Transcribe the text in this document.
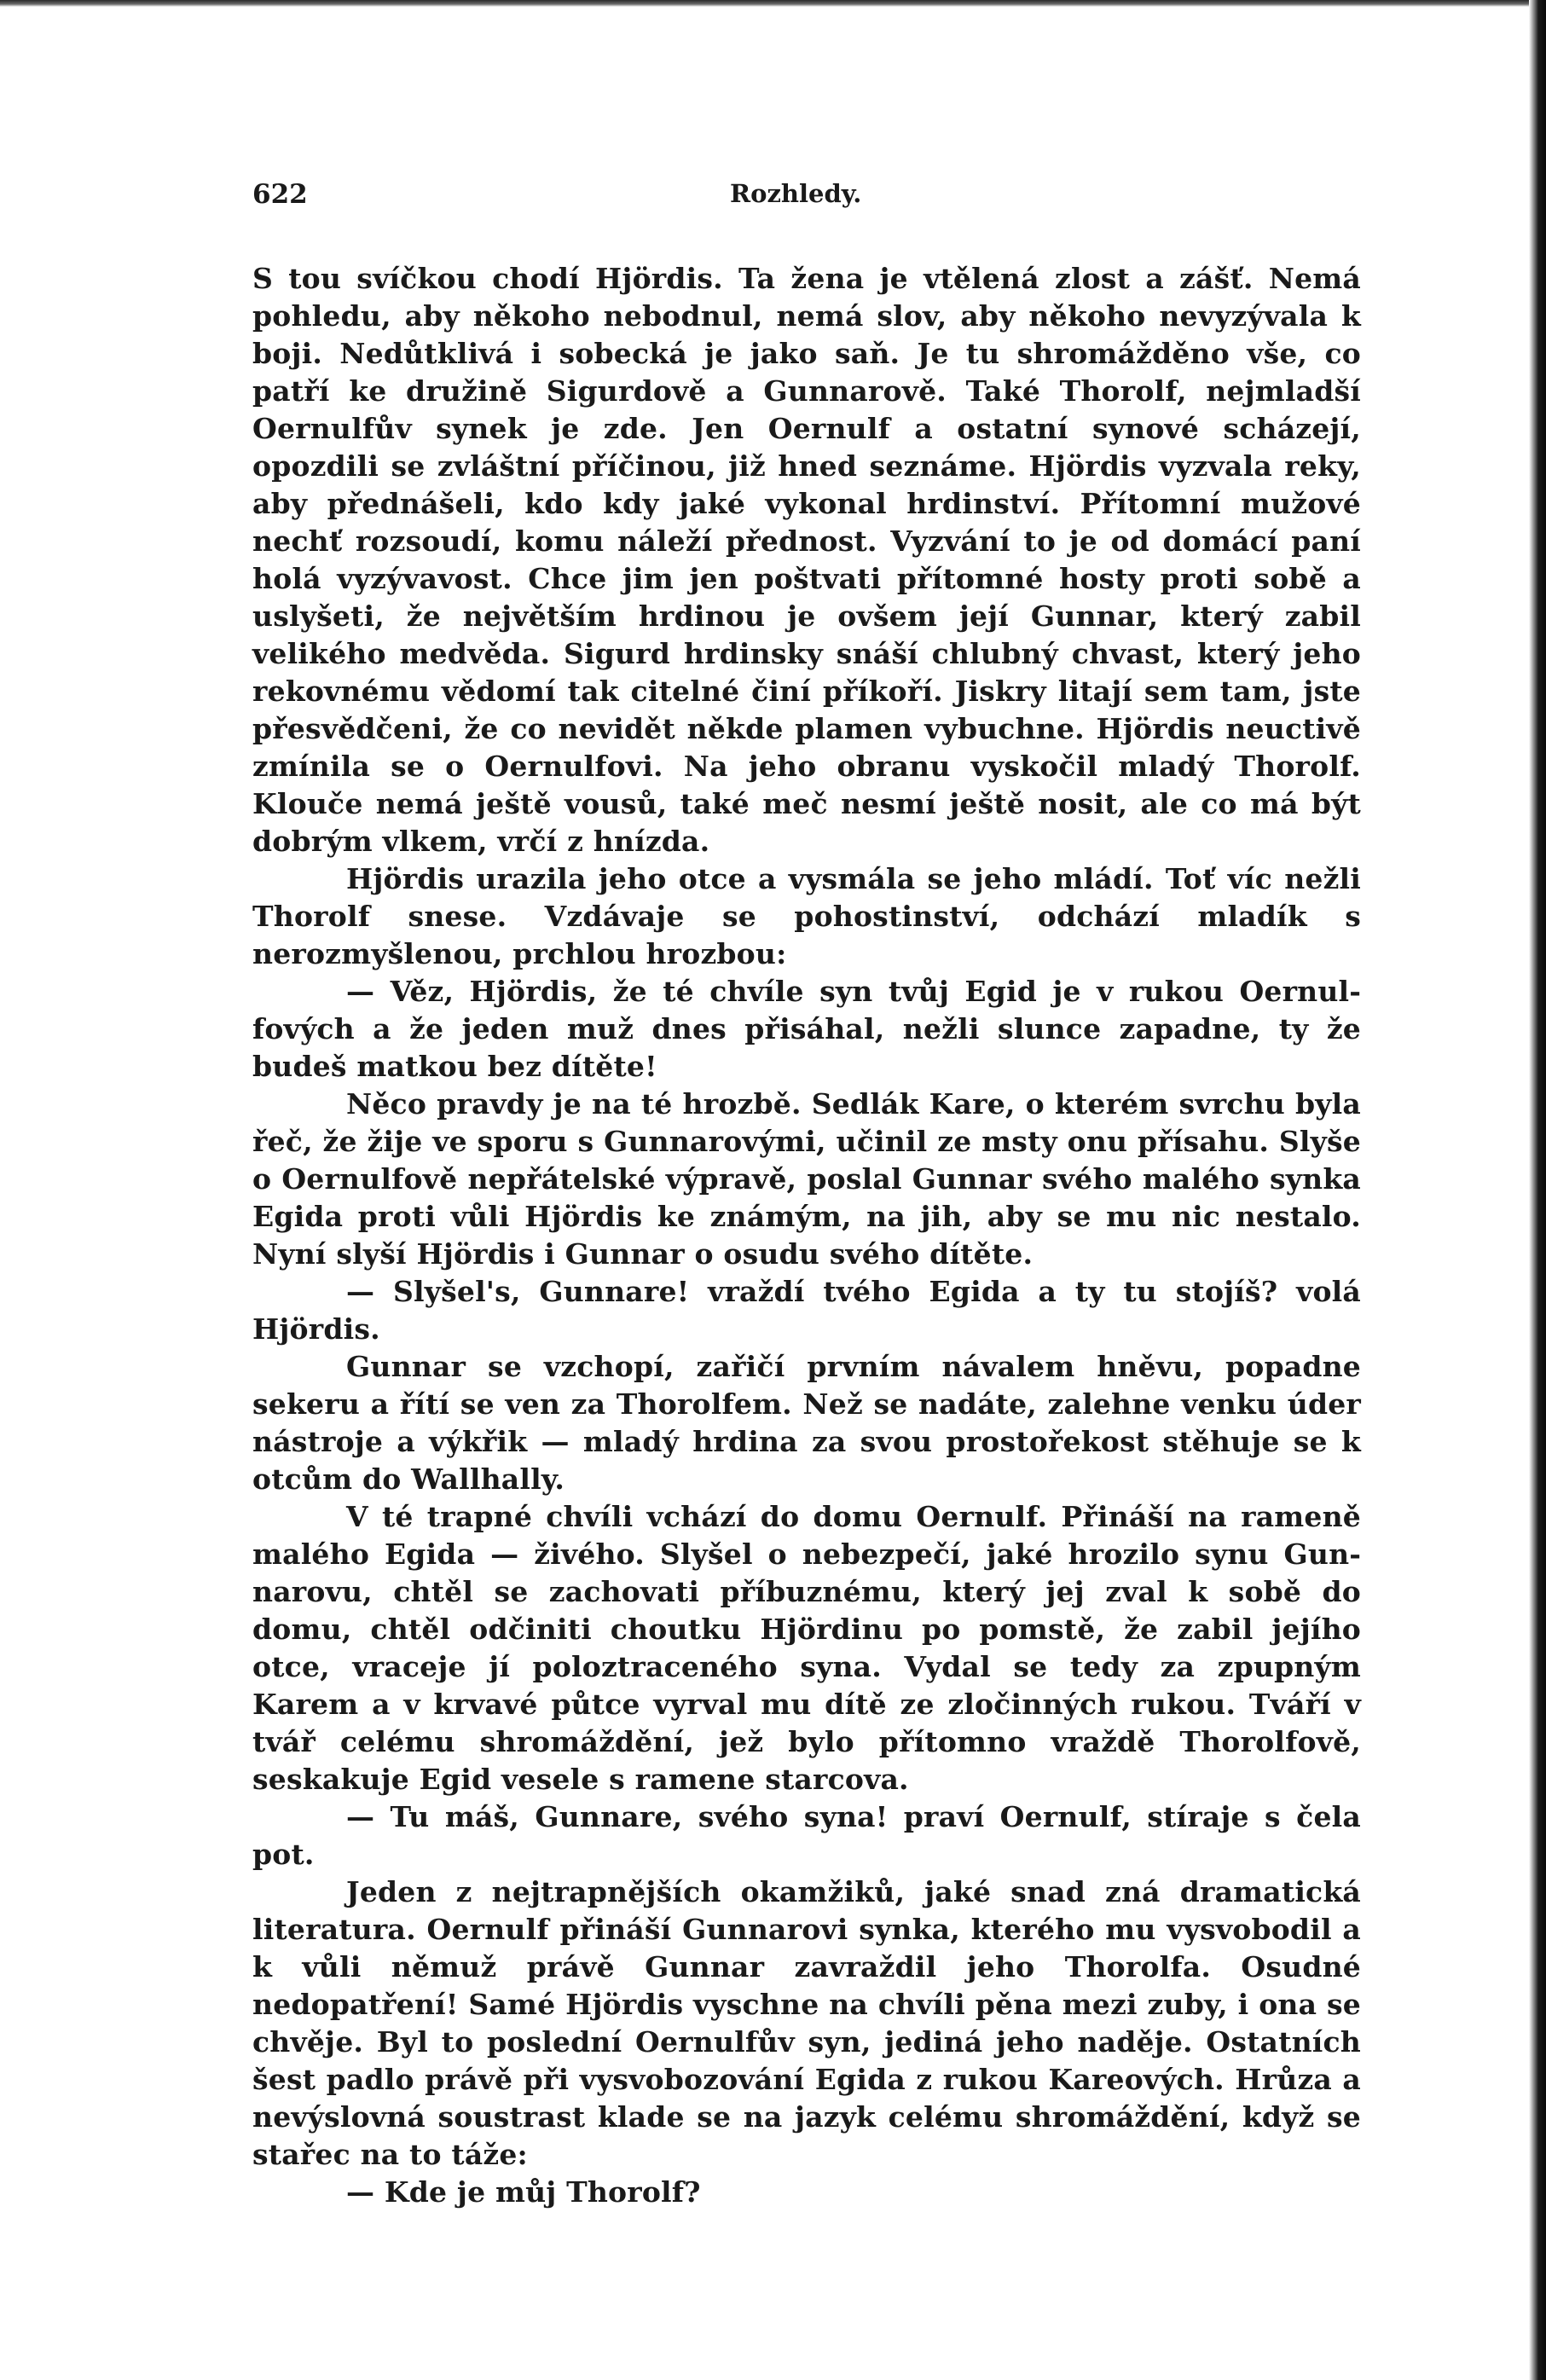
622	Rozhledy.

S tou svíčkou chodí Hjördis. Ta žena je vtělená zlost a zášť. Nemá pohledu, aby někoho nebodnul, nemá slov, aby někoho nevyzývala k boji. Nedůtklivá i sobecká je jako saň. Je tu shromážděno vše, co patří ke družině Sigurdově a Gunnarově. Také Thorolf, nejmladší Oernulfův synek je zde. Jen Oernulf a ostatní synové scházejí, opozdili se zvláštní příčinou, již hned seznáme. Hjördis vyzvala reky, aby přednášeli, kdo kdy jaké vykonal hrdinství. Přítomní mužové nechť rozsoudí, komu náleží přednost. Vyzvání to je od domácí paní holá vyzývavost. Chce jim jen poštvati přítomné hosty proti sobě a uslyšeti, že největším hrdinou je ovšem její Gunnar, který zabil velikého medvěda. Sigurd hrdinsky snáší chlubný chvast, který jeho rekovnému vědomí tak citelné činí příkoří. Jiskry litají sem tam, jste přesvědčeni, že co nevidět někde plamen vybuchne. Hjördis neuctivě zmínila se o Oernulfovi. Na jeho obranu vyskočil mladý Thorolf. Klouče nemá ještě vousů, také meč nesmí ještě nosit, ale co má být dobrým vlkem, vrčí z hnízda.

Hjördis urazila jeho otce a vysmála se jeho mládí. Toť víc nežli Thorolf snese. Vzdávaje se pohostinství, odchází mladík s nerozmyšlenou, prchlou hrozbou:

— Věz, Hjördis, že té chvíle syn tvůj Egid je v rukou Oernulfových a že jeden muž dnes přisáhal, nežli slunce zapadne, ty že budeš matkou bez dítěte!

Něco pravdy je na té hrozbě. Sedlák Kare, o kterém svrchu byla řeč, že žije ve sporu s Gunnarovými, učinil ze msty onu přísahu. Slyše o Oernulfově nepřátelské výpravě, poslal Gunnar svého malého synka Egida proti vůli Hjördis ke známým, na jih, aby se mu nic nestalo. Nyní slyší Hjördis i Gunnar o osudu svého dítěte.

— Slyšel's, Gunnare! vraždí tvého Egida a ty tu stojíš? volá Hjördis.

Gunnar se vzchopí, zařičí prvním návalem hněvu, popadne sekeru a řítí se ven za Thorolfem. Než se nadáte, zalehne venku úder nástroje a výkřik — mladý hrdina za svou prostořekost stěhuje se k otcům do Wallhally.

V té trapné chvíli vchází do domu Oernulf. Přináší na rameně malého Egida — živého. Slyšel o nebezpečí, jaké hrozilo synu Gunnarovu, chtěl se zachovati příbuznému, který jej zval k sobě do domu, chtěl odčiniti choutku Hjördinu po pomstě, že zabil jejího otce, vraceje jí poloztraceného syna. Vydal se tedy za zpupným Karem a v krvavé půtce vyrval mu dítě ze zločinných rukou. Tváří v tvář celému shromáždění, jež bylo přítomno vraždě Thorolfově, seskakuje Egid vesele s ramene starcova.

— Tu máš, Gunnare, svého syna! praví Oernulf, stíraje s čela pot.

Jeden z nejtrapnějších okamžiků, jaké snad zná dramatická literatura. Oernulf přináší Gunnarovi synka, kterého mu vysvobodil a k vůli němuž právě Gunnar zavraždil jeho Thorolfa. Osudné nedopatření! Samé Hjördis vyschne na chvíli pěna mezi zuby, i ona se chvěje. Byl to poslední Oernulfův syn, jediná jeho naděje. Ostatních šest padlo právě při vysvobozování Egida z rukou Kareových. Hrůza a nevýslovná soustrast klade se na jazyk celému shromáždění, když se stařec na to táže:

— Kde je můj Thorolf?
